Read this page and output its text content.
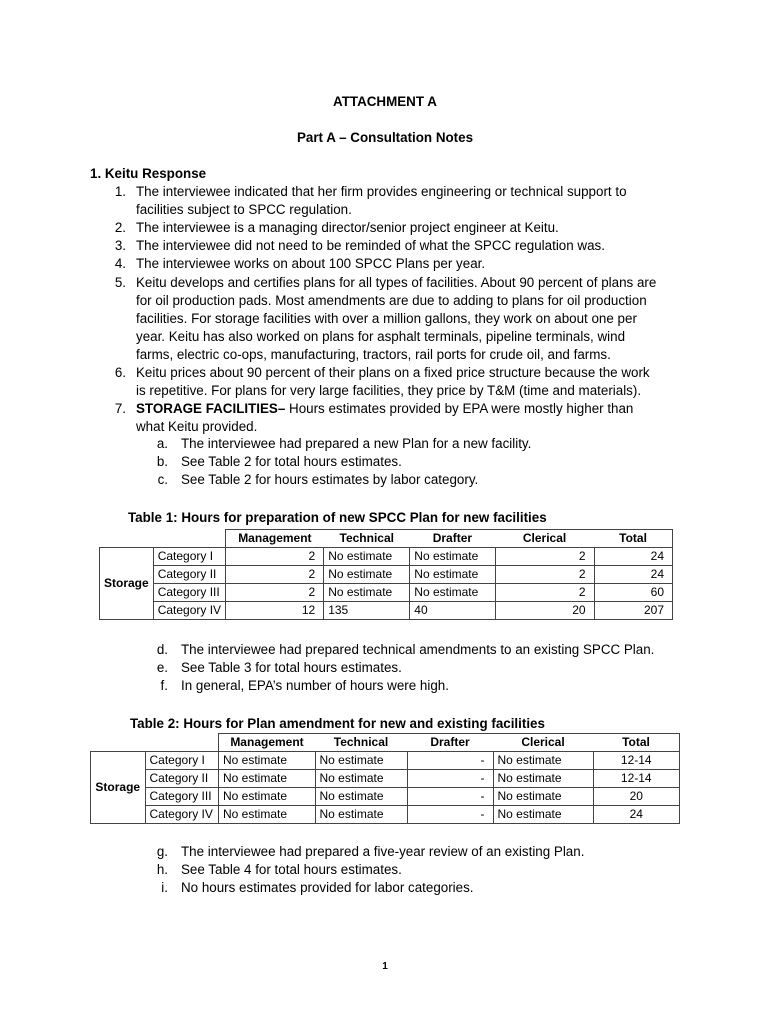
ATTACHMENT A
Part A – Consultation Notes
1. Keitu Response
1. The interviewee indicated that her firm provides engineering or technical support to
facilities subject to SPCC regulation.
2. The interviewee is a managing director/senior project engineer at Keitu.
3. The interviewee did not need to be reminded of what the SPCC regulation was.
4. The interviewee works on about 100 SPCC Plans per year.
5. Keitu develops and certifies plans for all types of facilities. About 90 percent of plans are
for oil production pads. Most amendments are due to adding to plans for oil production
facilities. For storage facilities with over a million gallons, they work on about one per
year. Keitu has also worked on plans for asphalt terminals, pipeline terminals, wind
farms, electric co-ops, manufacturing, tractors, rail ports for crude oil, and farms.
6. Keitu prices about 90 percent of their plans on a fixed price structure because the work
is repetitive. For plans for very large facilities, they price by T&M (time and materials).
7. STORAGE FACILITIES– Hours estimates provided by EPA were mostly higher than
what Keitu provided.
a. The interviewee had prepared a new Plan for a new facility.
b. See Table 2 for total hours estimates.
c. See Table 2 for hours estimates by labor category.
Table 1: Hours for preparation of new SPCC Plan for new facilities
		Management	Technical	Drafter	Clerical	Total
Storage	Category I	2	No estimate	No estimate	2	24
	Category II	2	No estimate	No estimate	2	24
	Category III	2	No estimate	No estimate	2	60
	Category IV	12	135	40	20	207
d. The interviewee had prepared technical amendments to an existing SPCC Plan.
e. See Table 3 for total hours estimates.
f. In general, EPA’s number of hours were high.
Table 2: Hours for Plan amendment for new and existing facilities
		Management	Technical	Drafter	Clerical	Total
Storage	Category I	No estimate	No estimate	-	No estimate	12-14
	Category II	No estimate	No estimate	-	No estimate	12-14
	Category III	No estimate	No estimate	-	No estimate	20
	Category IV	No estimate	No estimate	-	No estimate	24
g. The interviewee had prepared a five-year review of an existing Plan.
h. See Table 4 for total hours estimates.
i. No hours estimates provided for labor categories.
1
